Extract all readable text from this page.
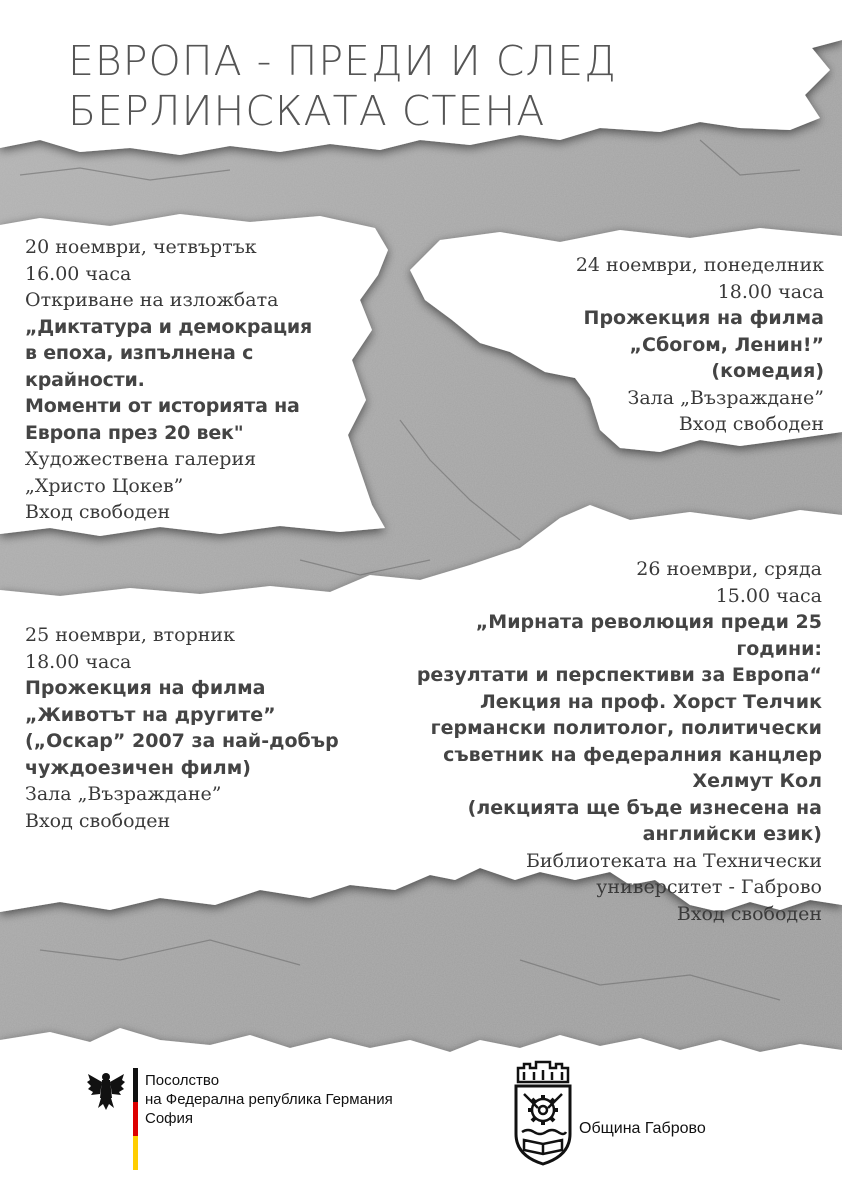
ЕВРОПА - ПРЕДИ И СЛЕД
БЕРЛИНСКАТА СТЕНА
20 ноември, четвъртък
16.00 часа
Откриване на изложбата
„Диктатура и демокрация
в епоха, изпълнена с
крайности.
Моменти от историята на
Европа през 20 век"
Художествена галерия
„Христо Цокев”
Вход свободен
24 ноември, понеделник
18.00 часа
Прожекция на филма
„Сбогом, Ленин!”
(комедия)
Зала „Възраждане”
Вход свободен
25 ноември, вторник
18.00 часа
Прожекция на филма
„Животът на другите”
(„Оскар” 2007 за най-добър
чуждоезичен филм)
Зала „Възраждане”
Вход свободен
26 ноември, сряда
15.00 часа
„Мирната революция преди 25
години:
резултати и перспективи за Европа“
Лекция на проф. Хорст Телчик
германски политолог, политически
съветник на федералния канцлер
Хелмут Кол
(лекцията ще бъде изнесена на
английски език)
Библиотеката на Технически
университет - Габрово
Вход свободен
Посолство
на Федерална република Германия
София
Община Габрово
